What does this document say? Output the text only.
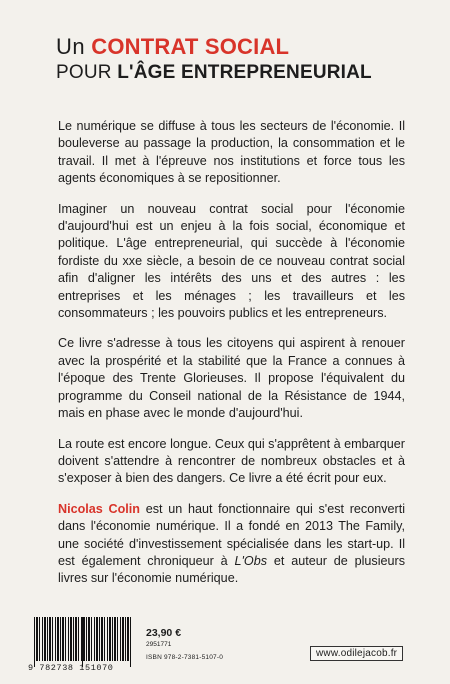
Un CONTRAT SOCIAL
POUR L'ÂGE ENTREPRENEURIAL

Le numérique se diffuse à tous les secteurs de l'économie. Il bouleverse au passage la production, la consommation et le travail. Il met à l'épreuve nos institutions et force tous les agents économiques à se repositionner.

Imaginer un nouveau contrat social pour l'économie d'aujourd'hui est un enjeu à la fois social, économique et politique. L'âge entrepreneurial, qui succède à l'économie fordiste du xxe siècle, a besoin de ce nouveau contrat social afin d'aligner les intérêts des uns et des autres : les entreprises et les ménages ; les travailleurs et les consommateurs ; les pouvoirs publics et les entrepreneurs.

Ce livre s'adresse à tous les citoyens qui aspirent à renouer avec la prospérité et la stabilité que la France a connues à l'époque des Trente Glorieuses. Il propose l'équivalent du programme du Conseil national de la Résistance de 1944, mais en phase avec le monde d'aujourd'hui.

La route est encore longue. Ceux qui s'apprêtent à embarquer doivent s'attendre à rencontrer de nombreux obstacles et à s'exposer à bien des dangers. Ce livre a été écrit pour eux.

Nicolas Colin est un haut fonctionnaire qui s'est reconverti dans l'économie numérique. Il a fondé en 2013 The Family, une société d'investissement spécialisée dans les start-up. Il est également chroniqueur à L'Obs et auteur de plusieurs livres sur l'économie numérique.

9 782738 151070
23,90 €
2951771
ISBN 978-2-7381-5107-0	www.odilejacob.fr
